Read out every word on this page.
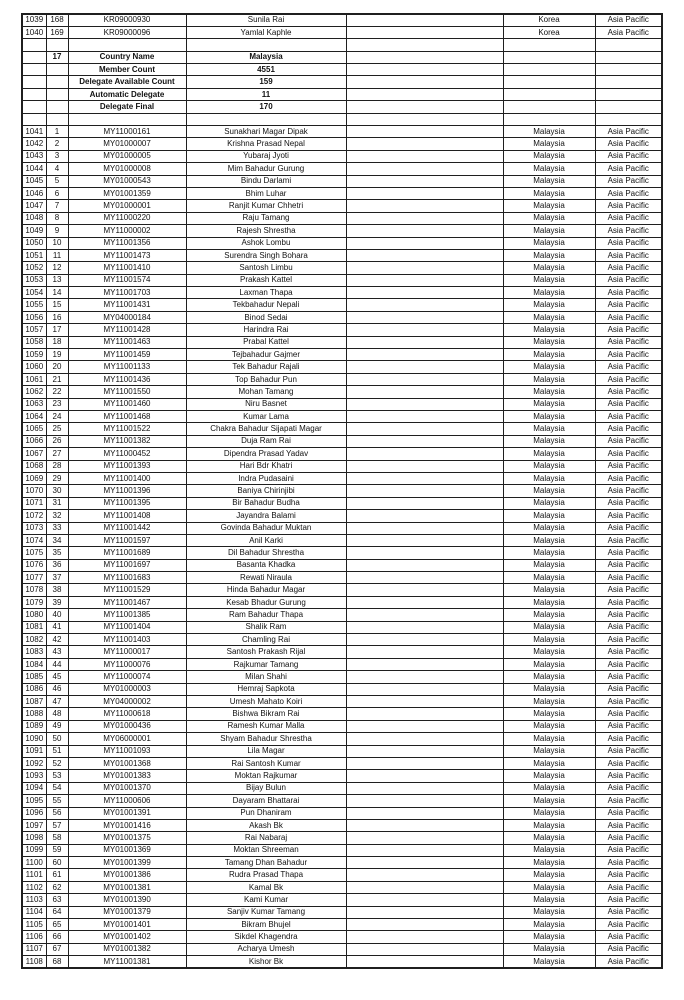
1039	168	KR09000930	Sunila Rai		Korea	Asia Pacific
1040	169	KR09000096	Yamlal Kaphle		Korea	Asia Pacific

	17	Country Name	Malaysia			
		Member Count	4551			
		Delegate Available Count	159			
		Automatic Delegate	11			
		Delegate Final	170			

1041	1	MY11000161	Sunakhari Magar Dipak		Malaysia	Asia Pacific
1042	2	MY01000007	Krishna Prasad Nepal		Malaysia	Asia Pacific
1043	3	MY01000005	Yubaraj Jyoti		Malaysia	Asia Pacific
1044	4	MY01000008	Mim Bahadur Gurung		Malaysia	Asia Pacific
1045	5	MY01000543	Bindu Darlami		Malaysia	Asia Pacific
1046	6	MY01001359	Bhim Luhar		Malaysia	Asia Pacific
1047	7	MY01000001	Ranjit Kumar Chhetri		Malaysia	Asia Pacific
1048	8	MY11000220	Raju Tamang		Malaysia	Asia Pacific
1049	9	MY11000002	Rajesh Shrestha		Malaysia	Asia Pacific
1050	10	MY11001356	Ashok Lombu		Malaysia	Asia Pacific
1051	11	MY11001473	Surendra Singh Bohara		Malaysia	Asia Pacific
1052	12	MY11001410	Santosh Limbu		Malaysia	Asia Pacific
1053	13	MY11001574	Prakash Kattel		Malaysia	Asia Pacific
1054	14	MY11001703	Laxman Thapa		Malaysia	Asia Pacific
1055	15	MY11001431	Tekbahadur Nepali		Malaysia	Asia Pacific
1056	16	MY04000184	Binod Sedai		Malaysia	Asia Pacific
1057	17	MY11001428	Harindra Rai		Malaysia	Asia Pacific
1058	18	MY11001463	Prabal Kattel		Malaysia	Asia Pacific
1059	19	MY11001459	Tejbahadur Gajmer		Malaysia	Asia Pacific
1060	20	MY11001133	Tek Bahadur Rajali		Malaysia	Asia Pacific
1061	21	MY11001436	Top Bahadur Pun		Malaysia	Asia Pacific
1062	22	MY11001550	Mohan Tamang		Malaysia	Asia Pacific
1063	23	MY11001460	Niru Basnet		Malaysia	Asia Pacific
1064	24	MY11001468	Kumar Lama		Malaysia	Asia Pacific
1065	25	MY11001522	Chakra Bahadur Sijapati Magar		Malaysia	Asia Pacific
1066	26	MY11001382	Duja Ram Rai		Malaysia	Asia Pacific
1067	27	MY11000452	Dipendra Prasad Yadav		Malaysia	Asia Pacific
1068	28	MY11001393	Hari Bdr Khatri		Malaysia	Asia Pacific
1069	29	MY11001400	Indra Pudasaini		Malaysia	Asia Pacific
1070	30	MY11001396	Baniya Chirinjibi		Malaysia	Asia Pacific
1071	31	MY11001395	Bir Bahadur Budha		Malaysia	Asia Pacific
1072	32	MY11001408	Jayandra Balami		Malaysia	Asia Pacific
1073	33	MY11001442	Govinda Bahadur Muktan		Malaysia	Asia Pacific
1074	34	MY11001597	Anil Karki		Malaysia	Asia Pacific
1075	35	MY11001689	Dil Bahadur Shrestha		Malaysia	Asia Pacific
1076	36	MY11001697	Basanta Khadka		Malaysia	Asia Pacific
1077	37	MY11001683	Rewati Niraula		Malaysia	Asia Pacific
1078	38	MY11001529	Hinda Bahadur Magar		Malaysia	Asia Pacific
1079	39	MY11001467	Kesab Bhadur Gurung		Malaysia	Asia Pacific
1080	40	MY11001385	Ram Bahadur Thapa		Malaysia	Asia Pacific
1081	41	MY11001404	Shalik Ram		Malaysia	Asia Pacific
1082	42	MY11001403	Chamling Rai		Malaysia	Asia Pacific
1083	43	MY11000017	Santosh Prakash Rijal		Malaysia	Asia Pacific
1084	44	MY11000076	Rajkumar Tamang		Malaysia	Asia Pacific
1085	45	MY11000074	Milan Shahi		Malaysia	Asia Pacific
1086	46	MY01000003	Hemraj Sapkota		Malaysia	Asia Pacific
1087	47	MY04000002	Umesh Mahato Koiri		Malaysia	Asia Pacific
1088	48	MY11000618	Bishwa Bikram Rai		Malaysia	Asia Pacific
1089	49	MY01000436	Ramesh Kumar Malla		Malaysia	Asia Pacific
1090	50	MY06000001	Shyam Bahadur Shrestha		Malaysia	Asia Pacific
1091	51	MY11001093	Lila Magar		Malaysia	Asia Pacific
1092	52	MY01001368	Rai Santosh Kumar		Malaysia	Asia Pacific
1093	53	MY01001383	Moktan Rajkumar		Malaysia	Asia Pacific
1094	54	MY01001370	Bijay Bulun		Malaysia	Asia Pacific
1095	55	MY11000606	Dayaram Bhattarai		Malaysia	Asia Pacific
1096	56	MY01001391	Pun Dhaniram		Malaysia	Asia Pacific
1097	57	MY01001416	Akash Bk		Malaysia	Asia Pacific
1098	58	MY01001375	Rai Nabaraj		Malaysia	Asia Pacific
1099	59	MY01001369	Moktan Shreeman		Malaysia	Asia Pacific
1100	60	MY01001399	Tamang Dhan Bahadur		Malaysia	Asia Pacific
1101	61	MY01001386	Rudra Prasad Thapa		Malaysia	Asia Pacific
1102	62	MY01001381	Kamal Bk		Malaysia	Asia Pacific
1103	63	MY01001390	Kami Kumar		Malaysia	Asia Pacific
1104	64	MY01001379	Sanjiv Kumar Tamang		Malaysia	Asia Pacific
1105	65	MY01001401	Bikram Bhujel		Malaysia	Asia Pacific
1106	66	MY01001402	Sikdel Khagendra		Malaysia	Asia Pacific
1107	67	MY01001382	Acharya Umesh		Malaysia	Asia Pacific
1108	68	MY11001381	Kishor Bk		Malaysia	Asia Pacific
